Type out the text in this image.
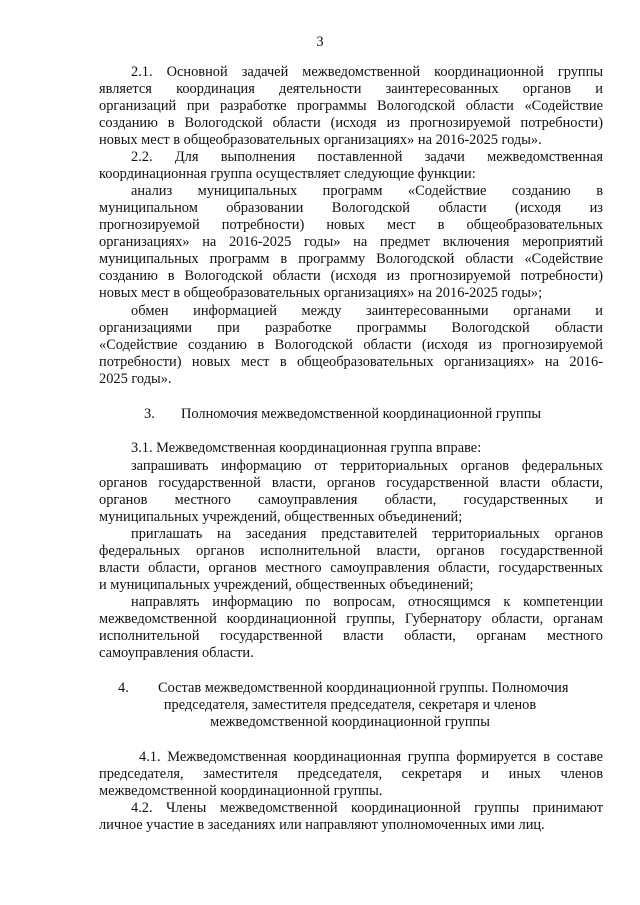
3
2.1. Основной задачей межведомственной координационной группы
является координация деятельности заинтересованных органов и
организаций при разработке программы Вологодской области «Содействие
созданию в Вологодской области (исходя из прогнозируемой потребности)
новых мест в общеобразовательных организациях» на 2016-2025 годы».
2.2. Для выполнения поставленной задачи межведомственная
координационная группа осуществляет следующие функции:
анализ муниципальных программ «Содействие созданию в
муниципальном образовании Вологодской области (исходя из
прогнозируемой потребности) новых мест в общеобразовательных
организациях» на 2016-2025 годы» на предмет включения мероприятий
муниципальных программ в программу Вологодской области «Содействие
созданию в Вологодской области (исходя из прогнозируемой потребности)
новых мест в общеобразовательных организациях» на 2016-2025 годы»;
обмен информацией между заинтересованными органами и
организациями при разработке программы Вологодской области
«Содействие созданию в Вологодской области (исходя из прогнозируемой
потребности) новых мест в общеобразовательных организациях» на 2016-
2025 годы».
3. Полномочия межведомственной координационной группы
3.1. Межведомственная координационная группа вправе:
запрашивать информацию от территориальных органов федеральных
органов государственной власти, органов государственной власти области,
органов местного самоуправления области, государственных и
муниципальных учреждений, общественных объединений;
приглашать на заседания представителей территориальных органов
федеральных органов исполнительной власти, органов государственной
власти области, органов местного самоуправления области, государственных
и муниципальных учреждений, общественных объединений;
направлять информацию по вопросам, относящимся к компетенции
межведомственной координационной группы, Губернатору области, органам
исполнительной государственной власти области, органам местного
самоуправления области.
4. Состав межведомственной координационной группы. Полномочия
председателя, заместителя председателя, секретаря и членов
межведомственной координационной группы
4.1. Межведомственная координационная группа формируется в составе
председателя, заместителя председателя, секретаря и иных членов
межведомственной координационной группы.
4.2. Члены межведомственной координационной группы принимают
личное участие в заседаниях или направляют уполномоченных ими лиц.
